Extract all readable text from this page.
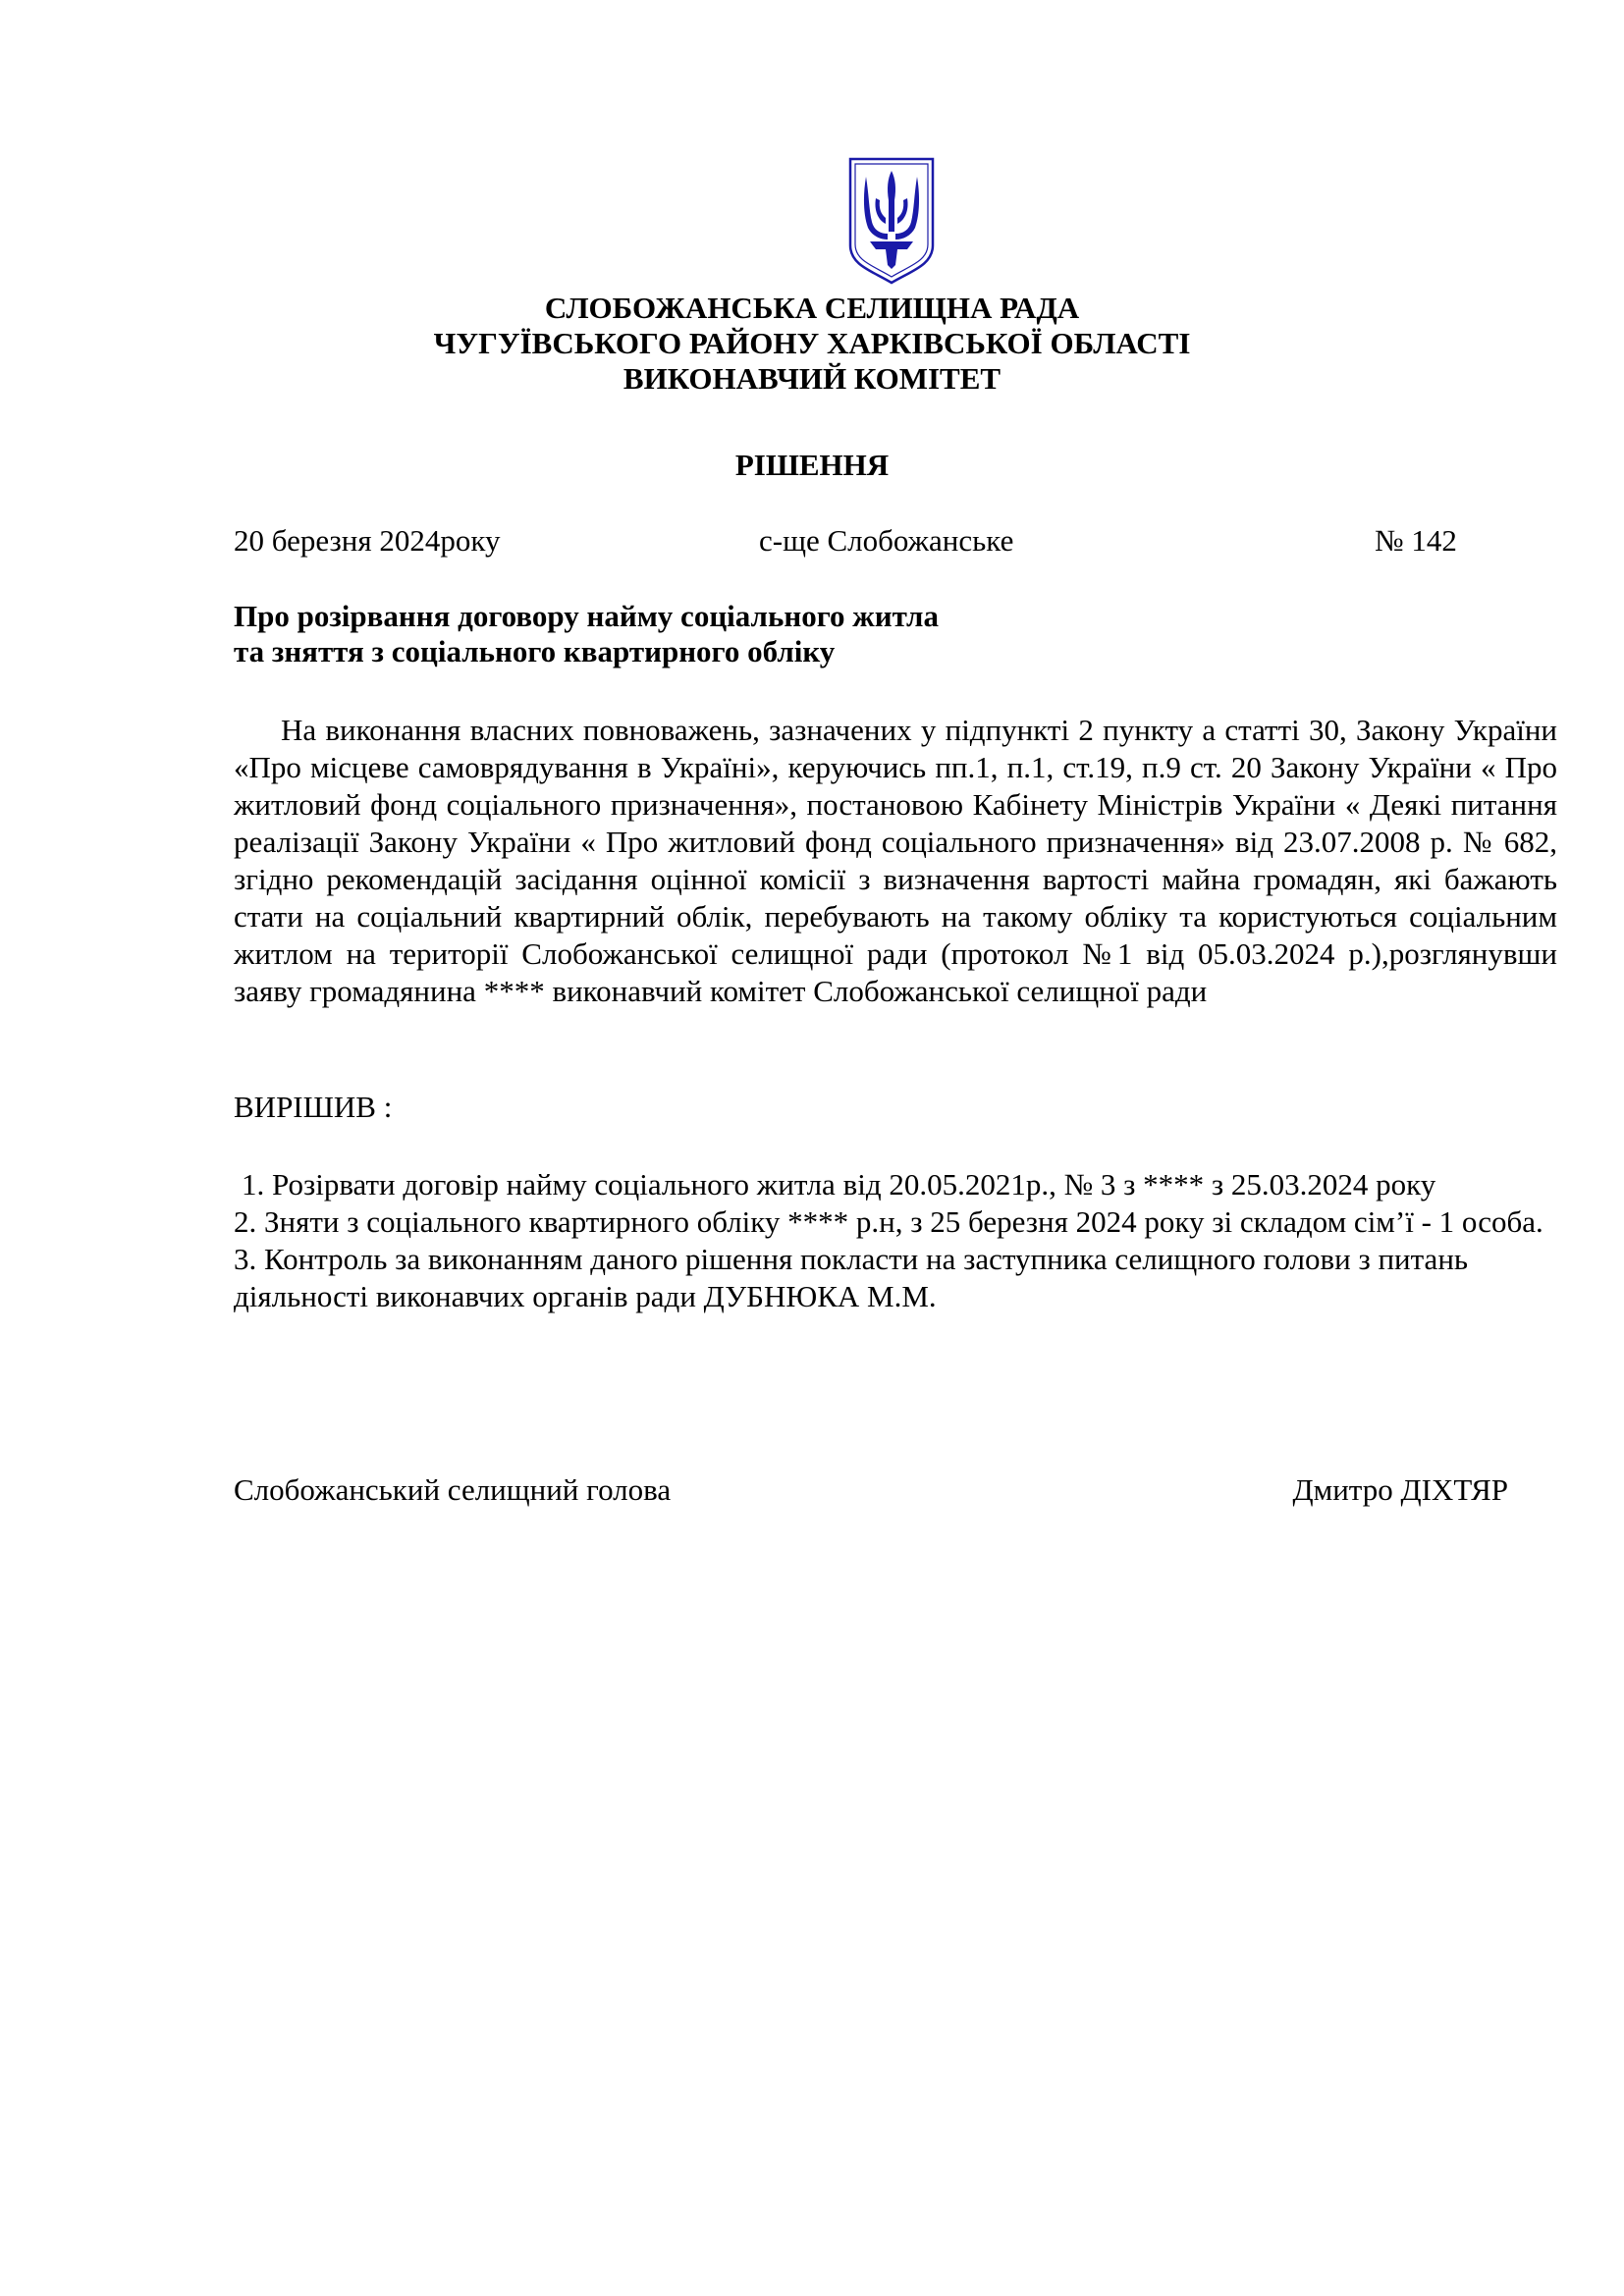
СЛОБОЖАНСЬКА СЕЛИЩНА РАДА
ЧУГУЇВСЬКОГО РАЙОНУ ХАРКІВСЬКОЇ ОБЛАСТІ
ВИКОНАВЧИЙ КОМІТЕТ
РІШЕННЯ
20 березня 2024року	с-ще Слобожанське	№ 142
Про розірвання договору найму соціального житла
та зняття з соціального квартирного обліку

На виконання власних повноважень, зазначених у підпункті 2 пункту а статті 30, Закону України «Про місцеве самоврядування в Україні», керуючись пп.1, п.1, ст.19, п.9 ст. 20 Закону України « Про житловий фонд соціального призначення», постановою Кабінету Міністрів України « Деякі питання реалізації Закону України « Про житловий фонд соціального призначення» від 23.07.2008 р. № 682, згідно рекомендацій засідання оцінної комісії з визначення вартості майна громадян, які бажають стати на соціальний квартирний облік, перебувають на такому обліку та користуються соціальним житлом на території Слобожанської селищної ради (протокол №1 від 05.03.2024 р.),розглянувши заяву громадянина **** виконавчий комітет Слобожанської селищної ради

ВИРІШИВ :

1. Розірвати договір найму соціального житла від 20.05.2021р., № 3 з **** з 25.03.2024 року

2. Зняти з соціального квартирного обліку **** р.н, з 25 березня 2024 року зі складом сім’ї - 1 особа.

3. Контроль за виконанням даного рішення покласти на заступника селищного голови з питань діяльності виконавчих органів ради ДУБНЮКА М.М.

Слобожанський селищний голова	Дмитро ДІХТЯР
